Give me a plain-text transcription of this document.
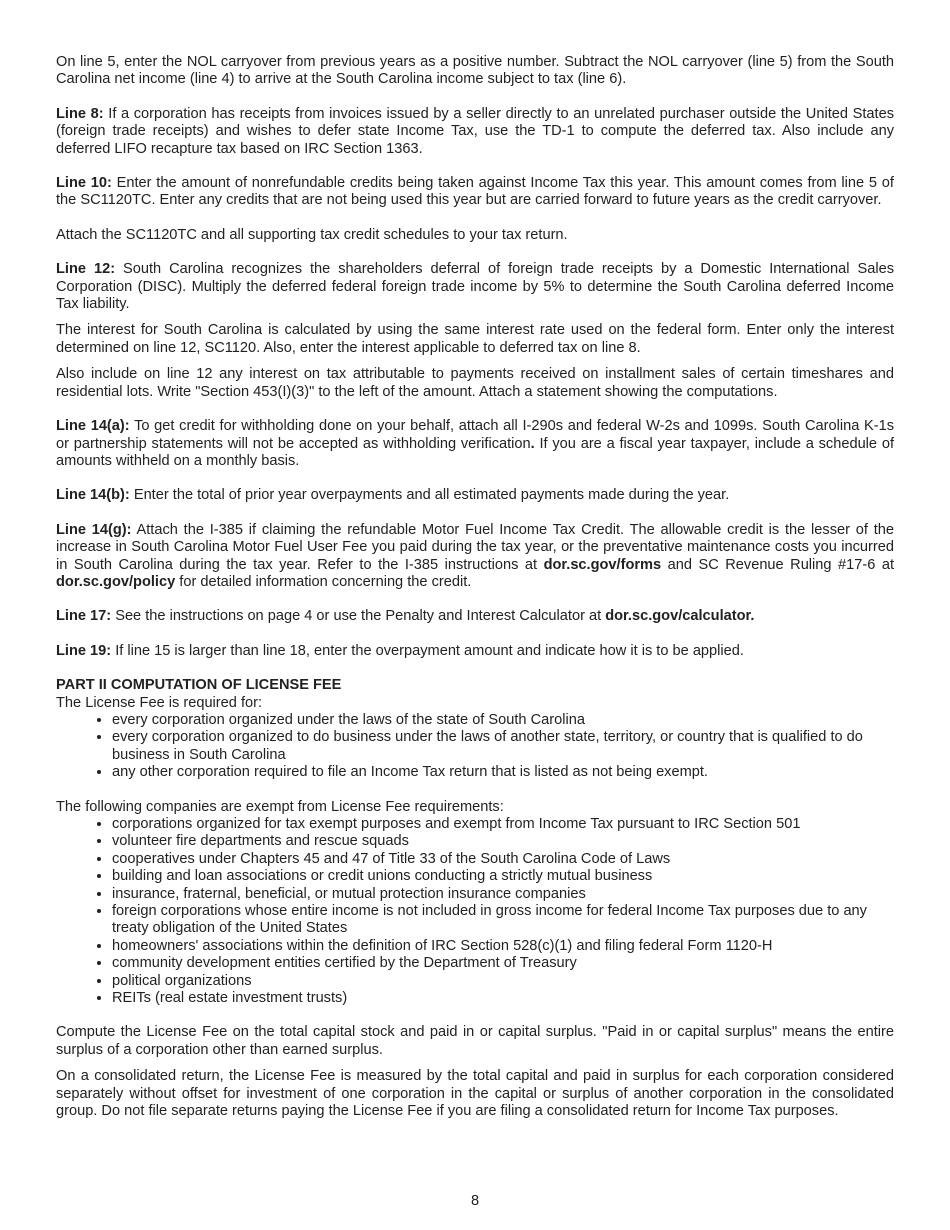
On line 5, enter the NOL carryover from previous years as a positive number. Subtract the NOL carryover (line 5) from the South Carolina net income (line 4) to arrive at the South Carolina income subject to tax (line 6).

Line 8: If a corporation has receipts from invoices issued by a seller directly to an unrelated purchaser outside the United States (foreign trade receipts) and wishes to defer state Income Tax, use the TD-1 to compute the deferred tax. Also include any deferred LIFO recapture tax based on IRC Section 1363.

Line 10: Enter the amount of nonrefundable credits being taken against Income Tax this year. This amount comes from line 5 of the SC1120TC. Enter any credits that are not being used this year but are carried forward to future years as the credit carryover.

Attach the SC1120TC and all supporting tax credit schedules to your tax return.

Line 12: South Carolina recognizes the shareholders deferral of foreign trade receipts by a Domestic International Sales Corporation (DISC). Multiply the deferred federal foreign trade income by 5% to determine the South Carolina deferred Income Tax liability.

The interest for South Carolina is calculated by using the same interest rate used on the federal form. Enter only the interest determined on line 12, SC1120. Also, enter the interest applicable to deferred tax on line 8.

Also include on line 12 any interest on tax attributable to payments received on installment sales of certain timeshares and residential lots. Write "Section 453(I)(3)" to the left of the amount. Attach a statement showing the computations.

Line 14(a): To get credit for withholding done on your behalf, attach all I-290s and federal W-2s and 1099s. South Carolina K-1s or partnership statements will not be accepted as withholding verification. If you are a fiscal year taxpayer, include a schedule of amounts withheld on a monthly basis.

Line 14(b): Enter the total of prior year overpayments and all estimated payments made during the year.

Line 14(g): Attach the I-385 if claiming the refundable Motor Fuel Income Tax Credit. The allowable credit is the lesser of the increase in South Carolina Motor Fuel User Fee you paid during the tax year, or the preventative maintenance costs you incurred in South Carolina during the tax year. Refer to the I-385 instructions at dor.sc.gov/forms and SC Revenue Ruling #17-6 at dor.sc.gov/policy for detailed information concerning the credit.

Line 17: See the instructions on page 4 or use the Penalty and Interest Calculator at dor.sc.gov/calculator.

Line 19: If line 15 is larger than line 18, enter the overpayment amount and indicate how it is to be applied.

PART II COMPUTATION OF LICENSE FEE

The License Fee is required for:

• every corporation organized under the laws of the state of South Carolina
• every corporation organized to do business under the laws of another state, territory, or country that is qualified to do business in South Carolina
• any other corporation required to file an Income Tax return that is listed as not being exempt.

The following companies are exempt from License Fee requirements:

• corporations organized for tax exempt purposes and exempt from Income Tax pursuant to IRC Section 501
• volunteer fire departments and rescue squads
• cooperatives under Chapters 45 and 47 of Title 33 of the South Carolina Code of Laws
• building and loan associations or credit unions conducting a strictly mutual business
• insurance, fraternal, beneficial, or mutual protection insurance companies
• foreign corporations whose entire income is not included in gross income for federal Income Tax purposes due to any treaty obligation of the United States
• homeowners' associations within the definition of IRC Section 528(c)(1) and filing federal Form 1120-H
• community development entities certified by the Department of Treasury
• political organizations
• REITs (real estate investment trusts)

Compute the License Fee on the total capital stock and paid in or capital surplus. "Paid in or capital surplus" means the entire surplus of a corporation other than earned surplus.

On a consolidated return, the License Fee is measured by the total capital and paid in surplus for each corporation considered separately without offset for investment of one corporation in the capital or surplus of another corporation in the consolidated group. Do not file separate returns paying the License Fee if you are filing a consolidated return for Income Tax purposes.

8
